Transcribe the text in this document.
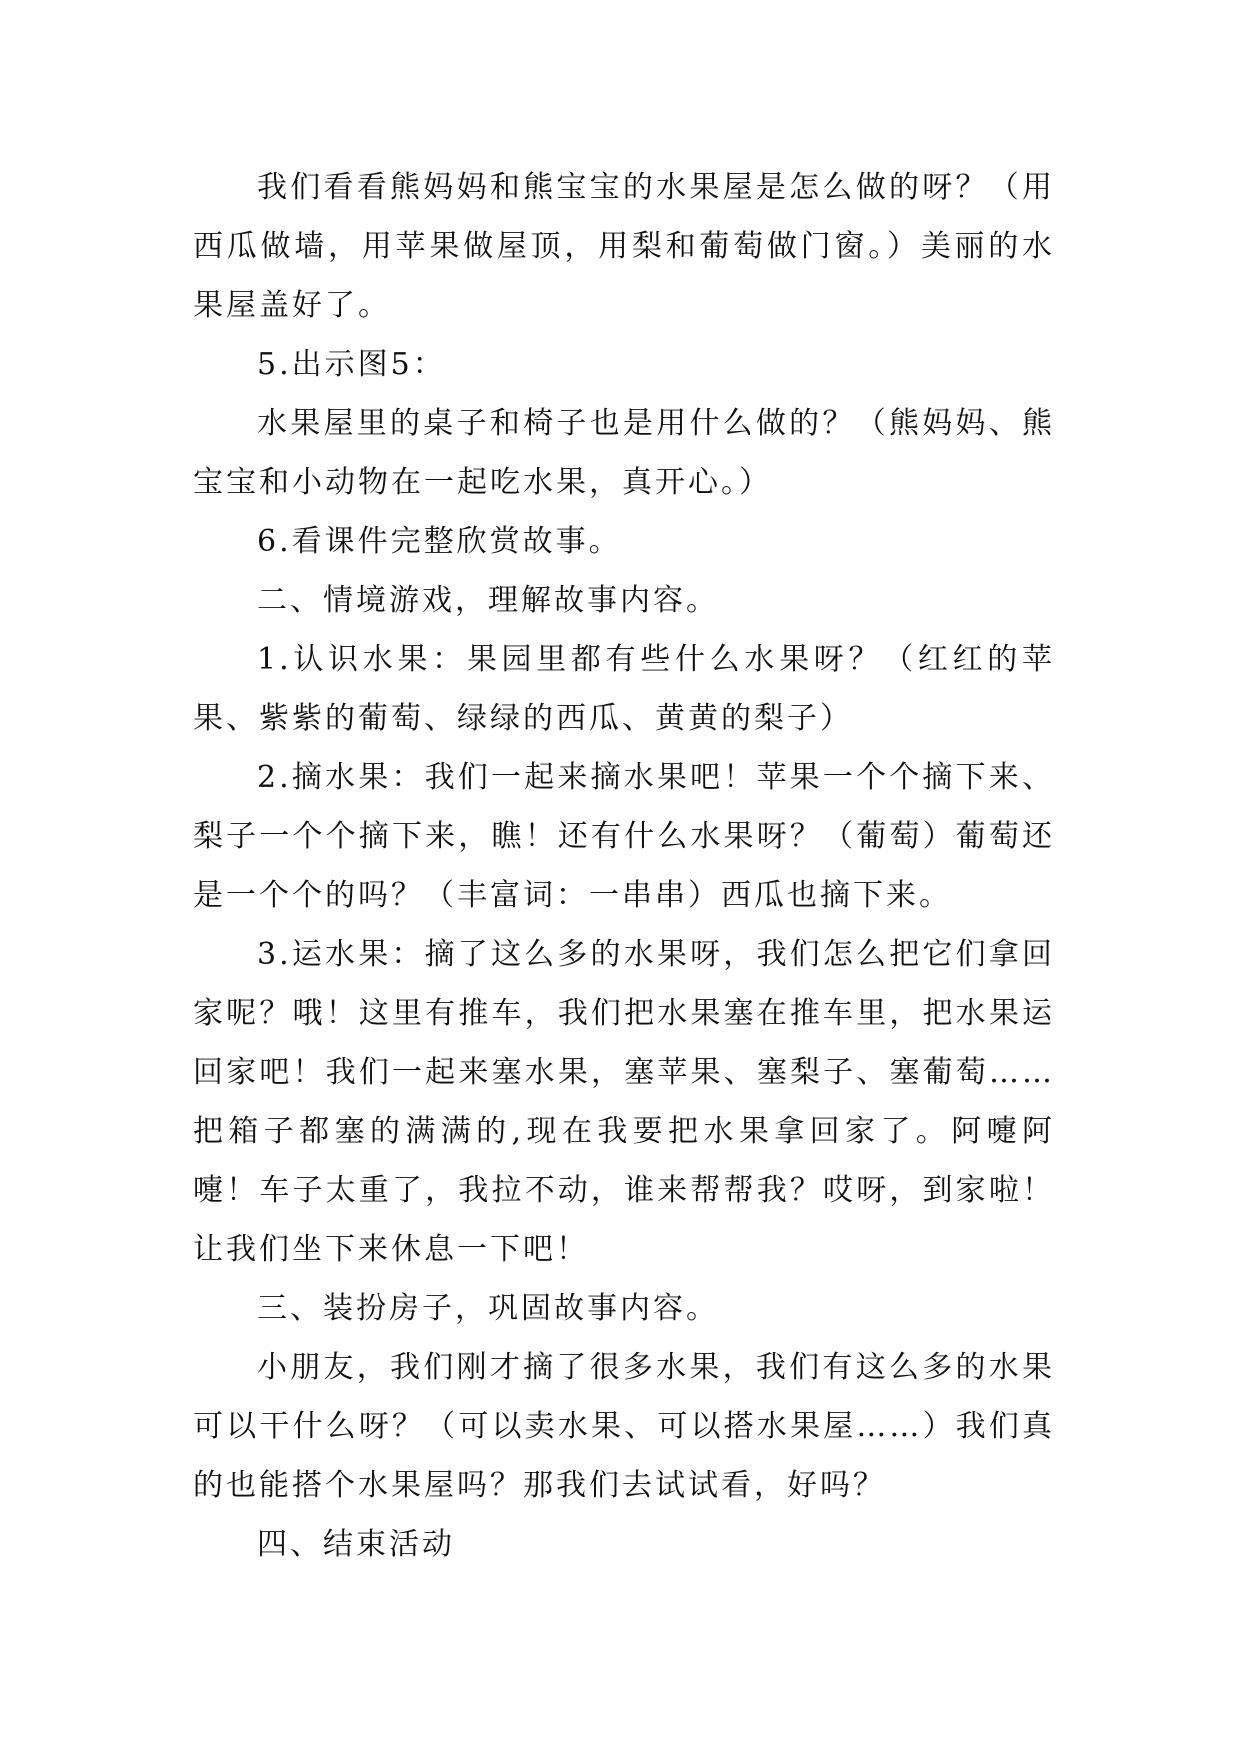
我们看看熊妈妈和熊宝宝的水果屋是怎么做的呀？（用西瓜做墙，用苹果做屋顶，用梨和葡萄做门窗。）美丽的水果屋盖好了。

5.出示图5：

水果屋里的桌子和椅子也是用什么做的？（熊妈妈、熊宝宝和小动物在一起吃水果，真开心。）

6.看课件完整欣赏故事。

二、情境游戏，理解故事内容。

1.认识水果：果园里都有些什么水果呀？（红红的苹果、紫紫的葡萄、绿绿的西瓜、黄黄的梨子）

2.摘水果：我们一起来摘水果吧！苹果一个个摘下来、梨子一个个摘下来，瞧！还有什么水果呀？（葡萄）葡萄还是一个个的吗？（丰富词：一串串）西瓜也摘下来。

3.运水果：摘了这么多的水果呀，我们怎么把它们拿回家呢？哦！这里有推车，我们把水果塞在推车里，把水果运回家吧！我们一起来塞水果，塞苹果、塞梨子、塞葡萄……把箱子都塞的满满的,现在我要把水果拿回家了。阿嚏阿嚏！车子太重了，我拉不动，谁来帮帮我？哎呀，到家啦！让我们坐下来休息一下吧！

三、装扮房子，巩固故事内容。

小朋友，我们刚才摘了很多水果，我们有这么多的水果可以干什么呀？（可以卖水果、可以搭水果屋……）我们真的也能搭个水果屋吗？那我们去试试看，好吗？

四、结束活动
